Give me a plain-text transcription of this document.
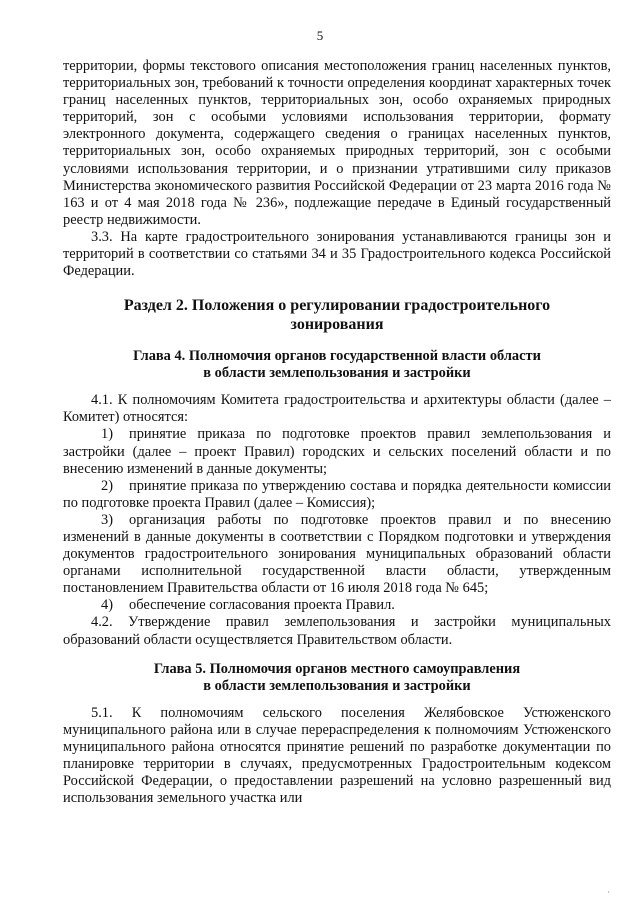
5

территории, формы текстового описания местоположения границ населенных пунктов, территориальных зон, требований к точности определения координат характерных точек границ населенных пунктов, территориальных зон, особо охраняемых природных территорий, зон с особыми условиями использования территории, формату электронного документа, содержащего сведения о границах населенных пунктов, территориальных зон, особо охраняемых природных территорий, зон с особыми условиями использования территории, и о признании утратившими силу приказов Министерства экономического развития Российской Федерации от 23 марта 2016 года № 163 и от 4 мая 2018 года № 236», подлежащие передаче в Единый государственный реестр недвижимости.

3.3. На карте градостроительного зонирования устанавливаются границы зон и территорий в соответствии со статьями 34 и 35 Градостроительного кодекса Российской Федерации.

Раздел 2. Положения о регулировании градостроительного
зонирования
Глава 4. Полномочия органов государственной власти области
в области землепользования и застройки

4.1. К полномочиям Комитета градостроительства и архитектуры области (далее – Комитет) относятся:

1) принятие приказа по подготовке проектов правил землепользования и застройки (далее – проект Правил) городских и сельских поселений области и по внесению изменений в данные документы;

2) принятие приказа по утверждению состава и порядка деятельности комиссии по подготовке проекта Правил (далее – Комиссия);

3) организация работы по подготовке проектов правил и по внесению изменений в данные документы в соответствии с Порядком подготовки и утверждения документов градостроительного зонирования муниципальных образований области органами исполнительной государственной власти области, утвержденным постановлением Правительства области от 16 июля 2018 года № 645;

4) обеспечение согласования проекта Правил.

4.2. Утверждение правил землепользования и застройки муниципальных образований области осуществляется Правительством области.

Глава 5. Полномочия органов местного самоуправления
в области землепользования и застройки

5.1. К полномочиям сельского поселения Желябовское Устюженского муниципального района или в случае перераспределения к полномочиям Устюженского муниципального района относятся принятие решений по разработке документации по планировке территории в случаях, предусмотренных Градостроительным кодексом Российской Федерации, о предоставлении разрешений на условно разрешенный вид использования земельного участка или

·
